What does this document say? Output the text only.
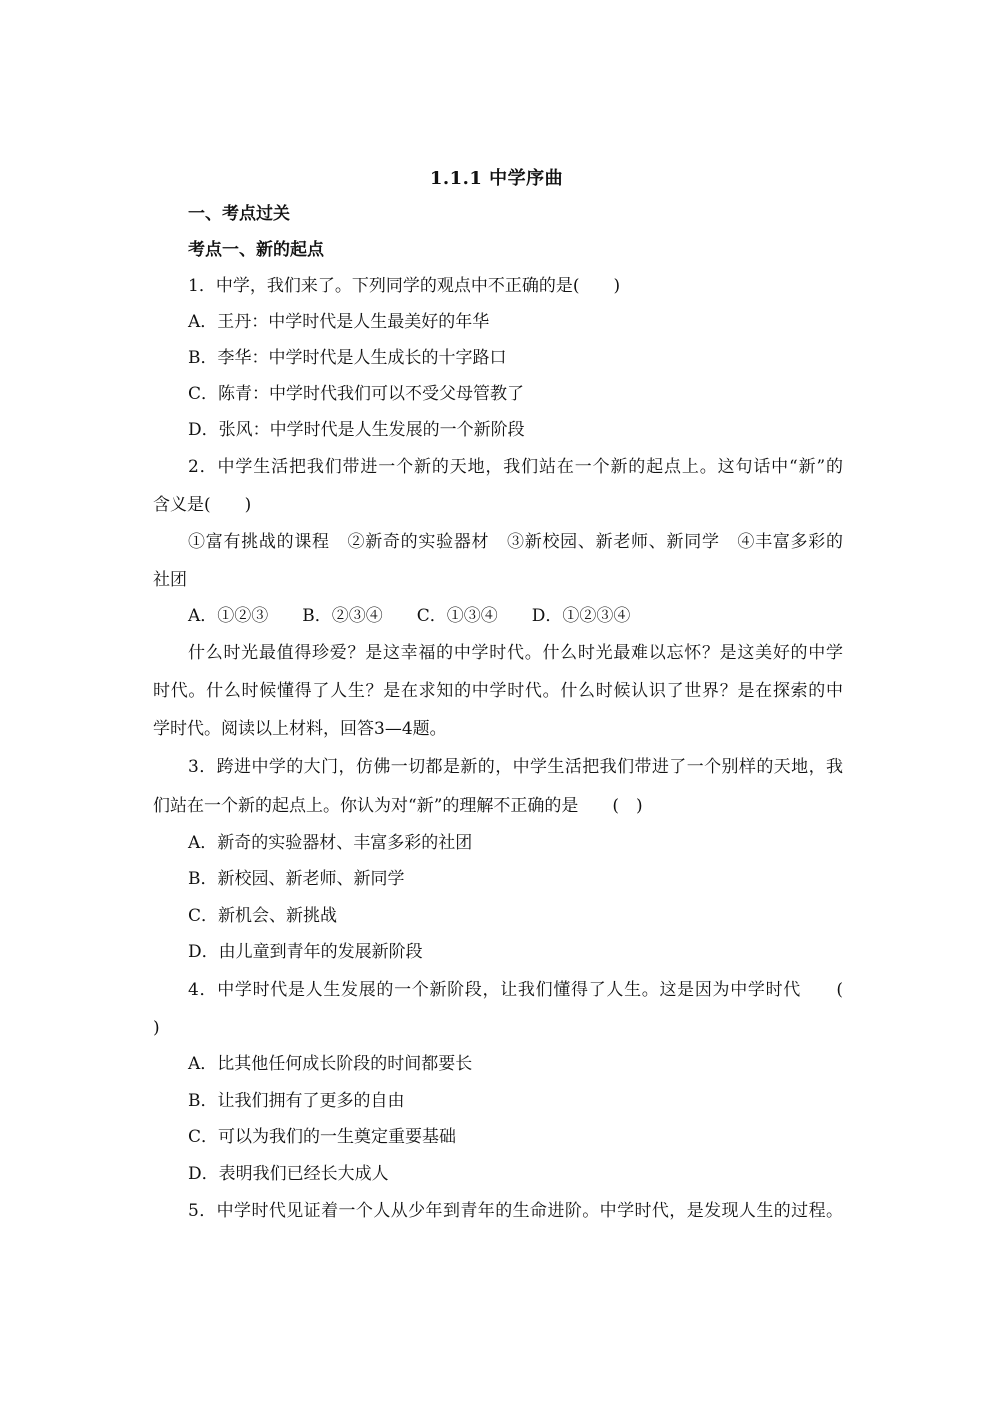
1.1.1 中学序曲
一、考点过关
考点一、新的起点
1．中学，我们来了。下列同学的观点中不正确的是(　　)
A．王丹：中学时代是人生最美好的年华
B．李华：中学时代是人生成长的十字路口
C．陈青：中学时代我们可以不受父母管教了
D．张风：中学时代是人生发展的一个新阶段
2．中学生活把我们带进一个新的天地，我们站在一个新的起点上。这句话中“新”的
含义是(　　)
①富有挑战的课程　②新奇的实验器材　③新校园、新老师、新同学　④丰富多彩的
社团
A．①②③　　B．②③④　　C．①③④　　D．①②③④
什么时光最值得珍爱？是这幸福的中学时代。什么时光最难以忘怀？是这美好的中学
时代。什么时候懂得了人生？是在求知的中学时代。什么时候认识了世界？是在探索的中
学时代。阅读以上材料，回答3—4题。
3．跨进中学的大门，仿佛一切都是新的，中学生活把我们带进了一个别样的天地，我
们站在一个新的起点上。你认为对“新”的理解不正确的是　　(　)
A．新奇的实验器材、丰富多彩的社团
B．新校园、新老师、新同学
C．新机会、新挑战
D．由儿童到青年的发展新阶段
4．中学时代是人生发展的一个新阶段，让我们懂得了人生。这是因为中学时代　　(
)
A．比其他任何成长阶段的时间都要长
B．让我们拥有了更多的自由
C．可以为我们的一生奠定重要基础
D．表明我们已经长大成人
5．中学时代见证着一个人从少年到青年的生命进阶。中学时代，是发现人生的过程。
